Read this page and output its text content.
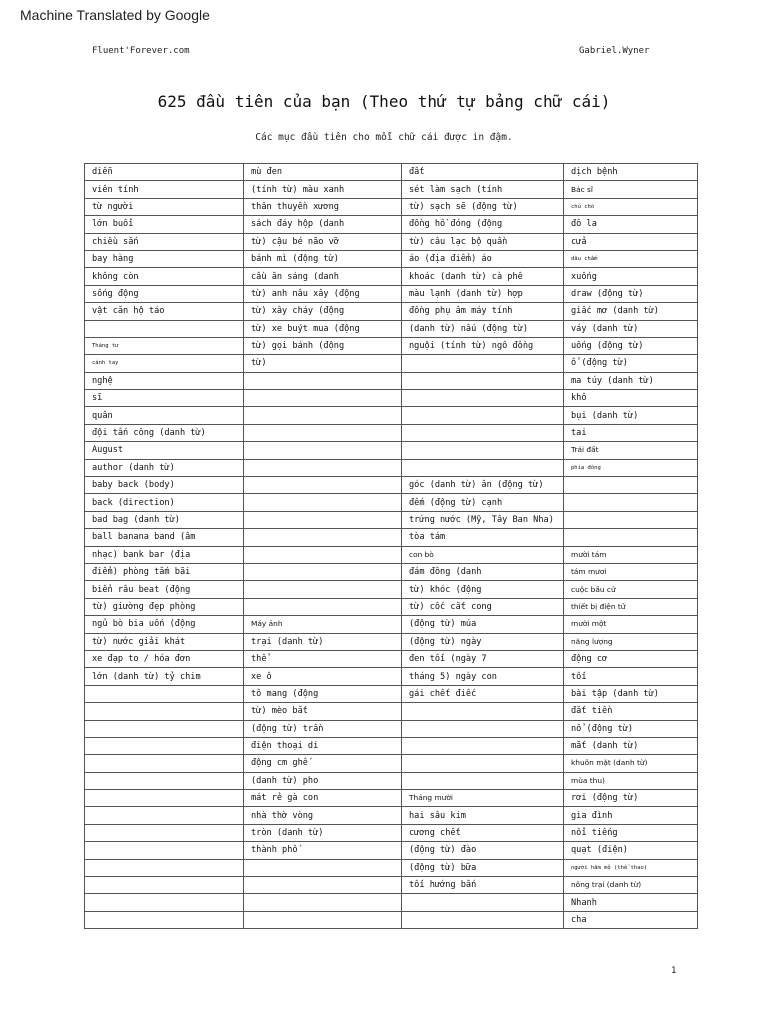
Machine Translated by Google
Fluent'Forever.com	Gabriel.Wyner
625 đầu tiên của bạn (Theo thứ tự bảng chữ cái)
Các mục đầu tiên cho mỗi chữ cái được in đậm.
diễn	mù đen	đất	dịch bệnh
viên tính	(tính từ) màu xanh	sét làm sạch (tính	Bác sĩ
từ người	thân thuyền xương	từ) sạch sẽ (động từ)	chú chó
lớn buổi	sách đáy hộp (danh	đồng hồ đóng (động	đô la
chiều sắn	từ) cậu bé não vỡ	từ) câu lạc bộ quần	cửa
bay hàng	bánh mì (động từ)	áo (địa điểm) áo	dâu chấm
không còn	cầu ăn sáng (danh	khoác (danh từ) cà phê	xuống
sống động	từ) anh nâu xây (động	màu lạnh (danh từ) hợp	draw (động từ)
vật căn hộ táo	từ) xây cháy (động	đồng phụ âm máy tính	giấc mơ (danh từ)
	từ) xe buýt mua (động	(danh từ) nấu (động từ)	váy (danh từ)
Tháng tư	từ) gọi bánh (động	nguội (tính từ) ngô đồng	uống (động từ)
cánh tay	từ)		ổ (động từ)
nghệ			ma túy (danh từ)
sĩ			khô
quân			bụi (danh từ)
đội tấn công (danh từ)			tai
August			Trái đất
author (danh từ)			phía đông
baby back (body)		góc (danh từ) ăn (động từ)	
back (direction)		đếm (động từ) cạnh	
bad bag (danh từ)		trứng nước (Mỹ, Tây Ban Nha)	
ball banana band (âm		tòa tám	
nhạc) bank bar (địa		con bò	mười tám
điểm) phòng tắm bãi		đám đông (danh	tám mươi
biển râu beat (động		từ) khóc (động	cuộc bầu cử
từ) giường đẹp phòng		từ) cốc cắt cong	thiết bị điện tử
ngủ bò bia uốn (động	Máy ảnh	(động từ) múa	mười một
từ) nước giải khát	trại (danh từ)	(động từ) ngày	năng lượng
xe đạp to / hóa đơn	thể	đen tối (ngày 7	động cơ
lớn (danh từ) tỷ chim	xe ô	tháng 5) ngày con	tối
	tô mang (động	gái chết điếc	bài tập (danh từ)
	từ) mèo bắt		đắt tiền
	(động từ) trần		nổ (động từ)
	điện thoại di		mắt (danh từ)
	động cm ghế		khuôn mặt (danh từ)
	(danh từ) pho		mùa thu)
	mát rẻ gà con	Tháng mười	rơi (động từ)
	nhà thờ vòng	hai sâu kim	gia đình
	tròn (danh từ)	cương chết	nổi tiếng
	thành phố	(động từ) đào	quạt (điện)
		(động từ) bữa	người hâm mộ (thể thao)
		tối hướng bắn	nông trại (danh từ)
			Nhanh
			cha
1
